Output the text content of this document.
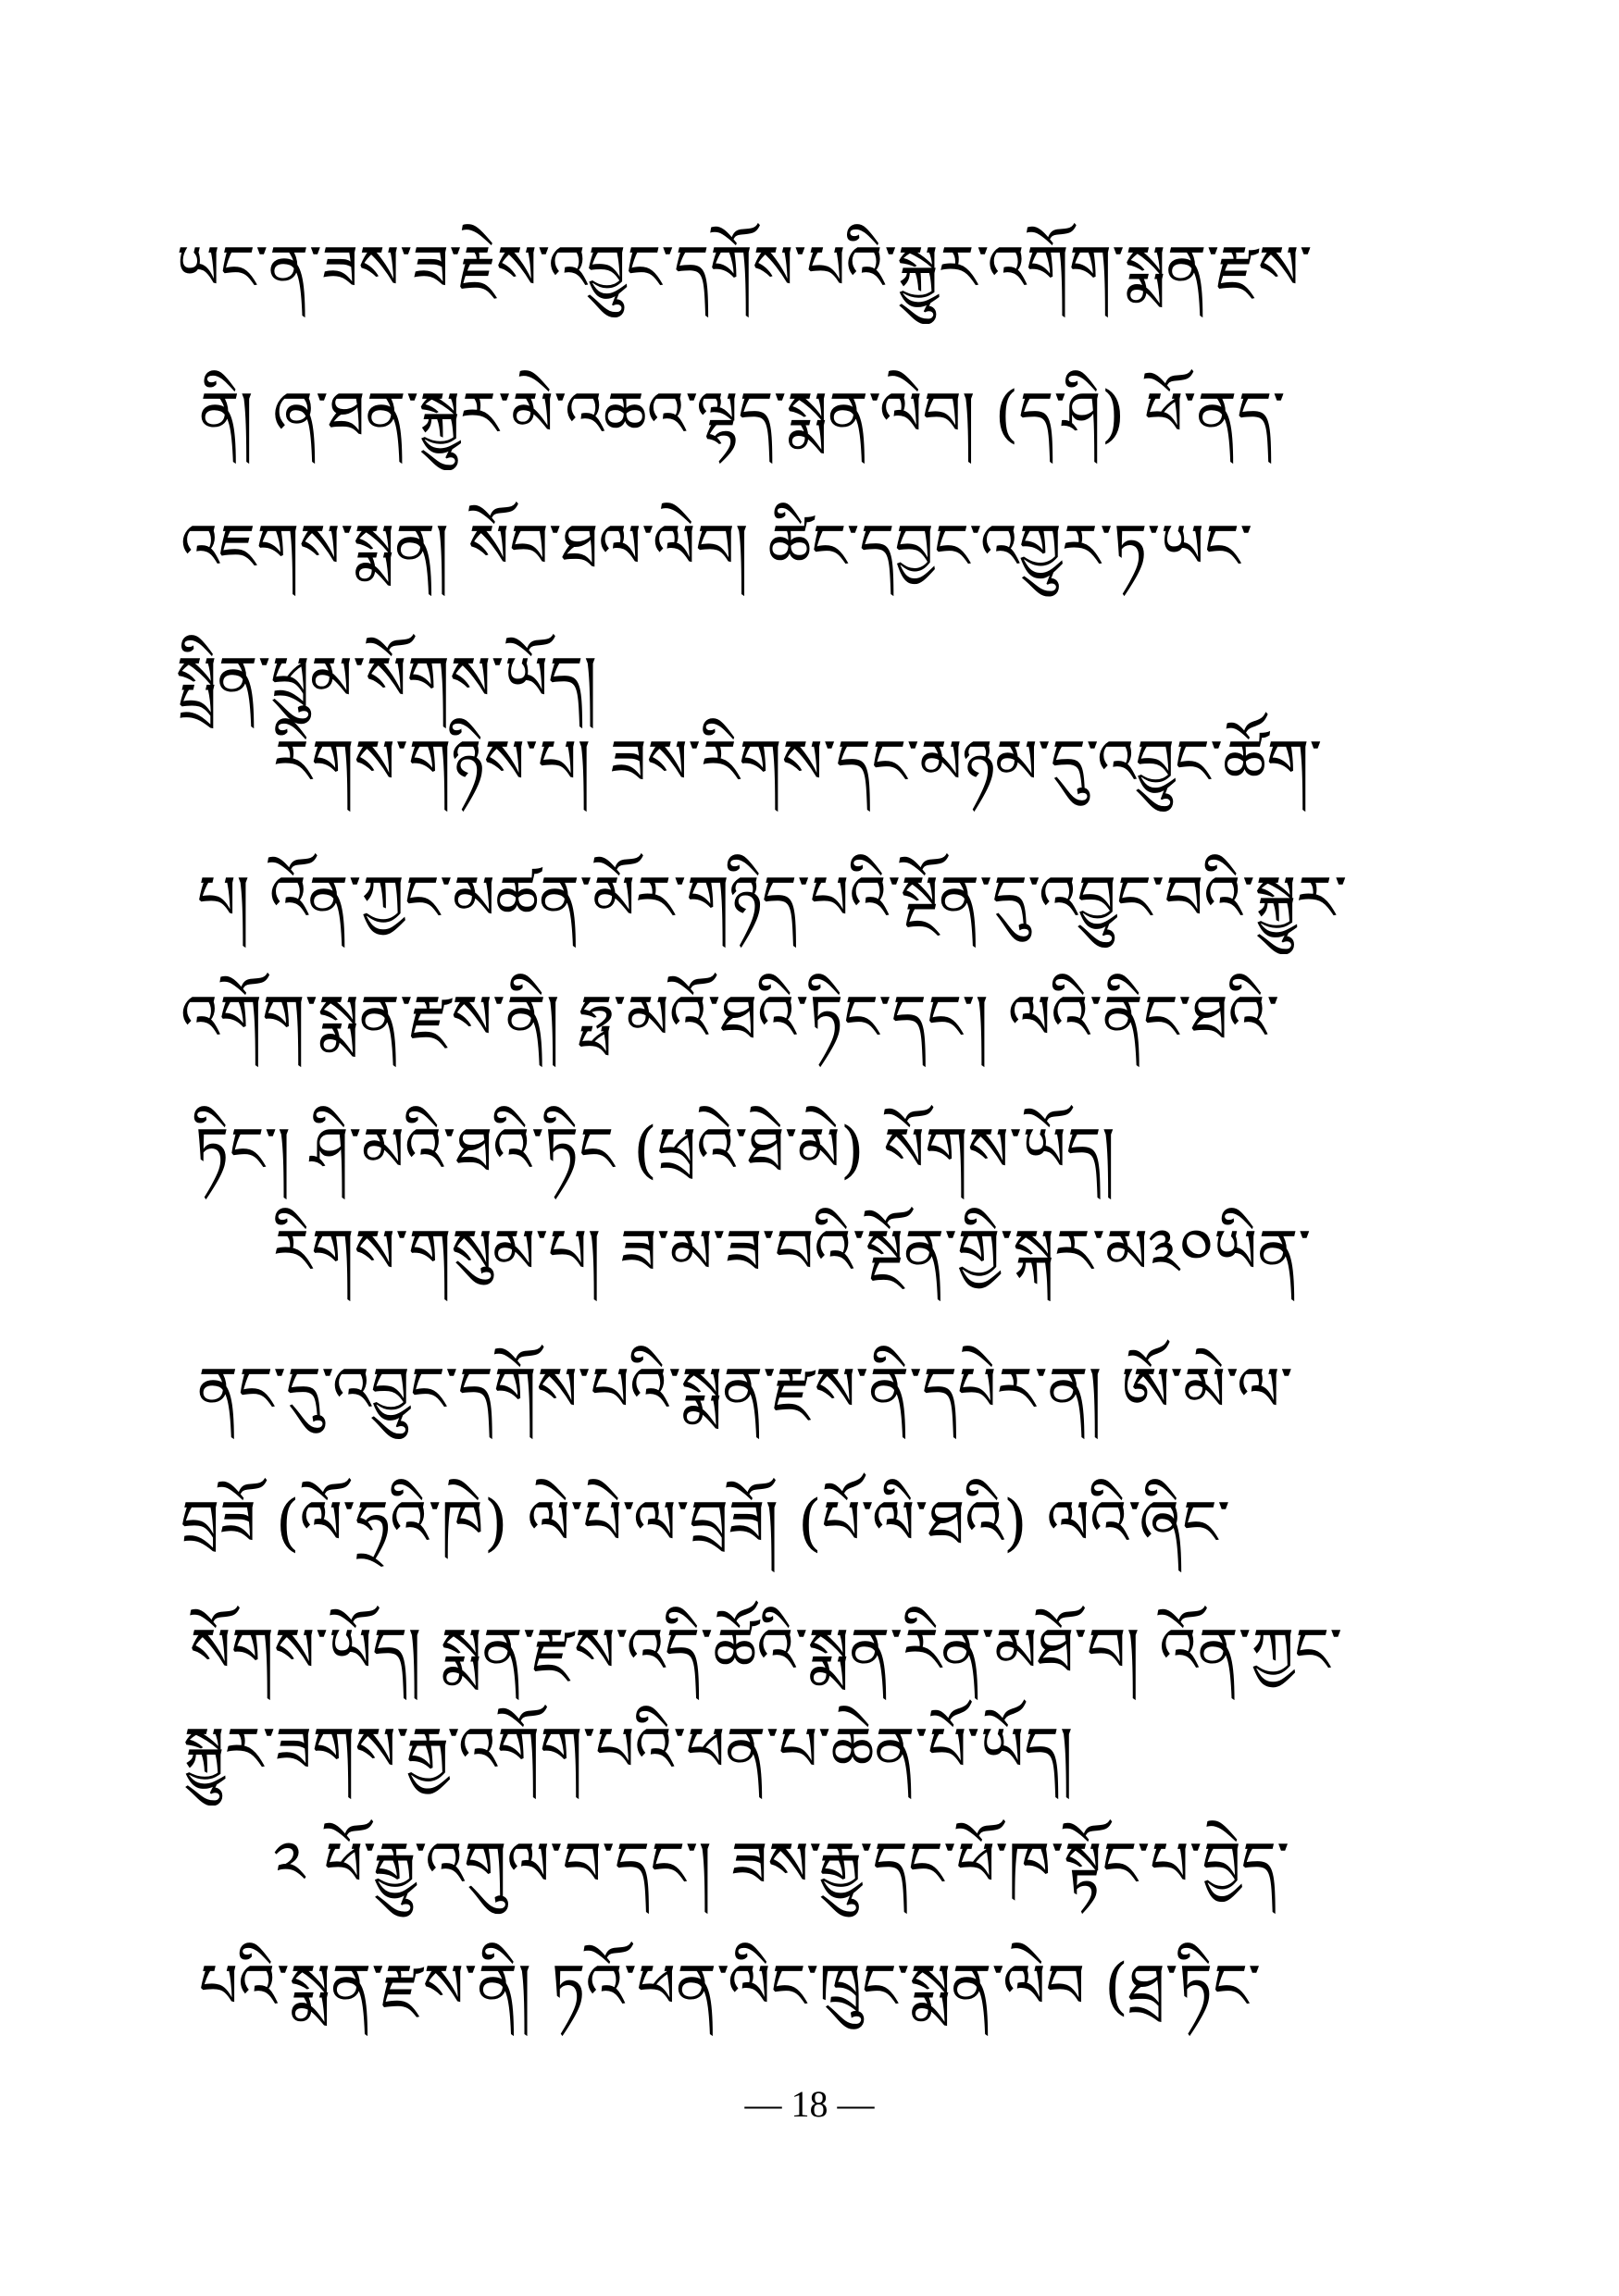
ཡང་ན་ཟས་ཟ་རྗེས་འབྱུང་དགོས་པའི་སྐྱུར་འགོག་སྨན་རྫས་
ནི། ཞ་ཐན་སྐྱུར་མེ་འཆའ་ལྷད་སྨན་ལེབ། (ད་ཤི) ཕོ་ནད་
འཇགས་སྨན། སོབ་ཐལ་ལེབ། ཚིང་དབྱང་འགྱུར་ཏ་ཡང་
སྤྲིན་ཕྲུམ་སོགས་ཡོད།
རིགས་གཉིས་པ། ཟས་རིགས་དང་མཉམ་དུ་འབྱུང་ཚོག་
པ། འོན་ཀྱང་མཚན་མོར་གཉིད་པའི་སྔོན་དུ་འབྱུང་བའི་སྐྱུར་
འགོག་སྨན་རྫས་ནི། ཧྥ་མའོ་ཐའི་ཏིང་དང་། ལའི་ནིང་ཐའི་
ཏིང་། ཤི་མའི་ཐའི་ཏིང (ཕྲའེ་ཐེ་མེ) སོགས་ཡོད།
རིགས་གསུམ་པ། ཟ་མ་ཟ་བའི་སྔོན་གྱི་སྐར་མ༣༠ཡིན་
ནང་དུ་འབྱུང་དགོས་པའི་སྨན་རྫས་ནི་དཔེར་ན། ཨོ་མེ་ལ་
བྲཟོ (ལོ་ཧྲའི་ཁེ) ལེ་པེ་ལ་བྲཟོ། (པོ་ལི་ཐའི) ལའི་ཞིང་
སོགས་ཡོད། སྨན་རྫས་འདི་ཚོའི་སྨན་རིན་མཐོ་བ། འོན་ཀྱང་
སྐྱུར་ཟགས་རྒྱ་འགོག་པའི་ཕན་པ་ཆེན་པོ་ཡོད།
༢ ཕོ་རྒྱུ་འགུལ་བ་དང་། ཟས་རྒྱུ་དང་ཕོ་ཁ་སྟོང་པ་བྱེད་
པའི་སྨན་རྫས་ནི། ཏའོ་ཕན་ལིང་ཁྲུང་སྨན་ལེབ (ཐྲ་ཏིང་
— 18 —
